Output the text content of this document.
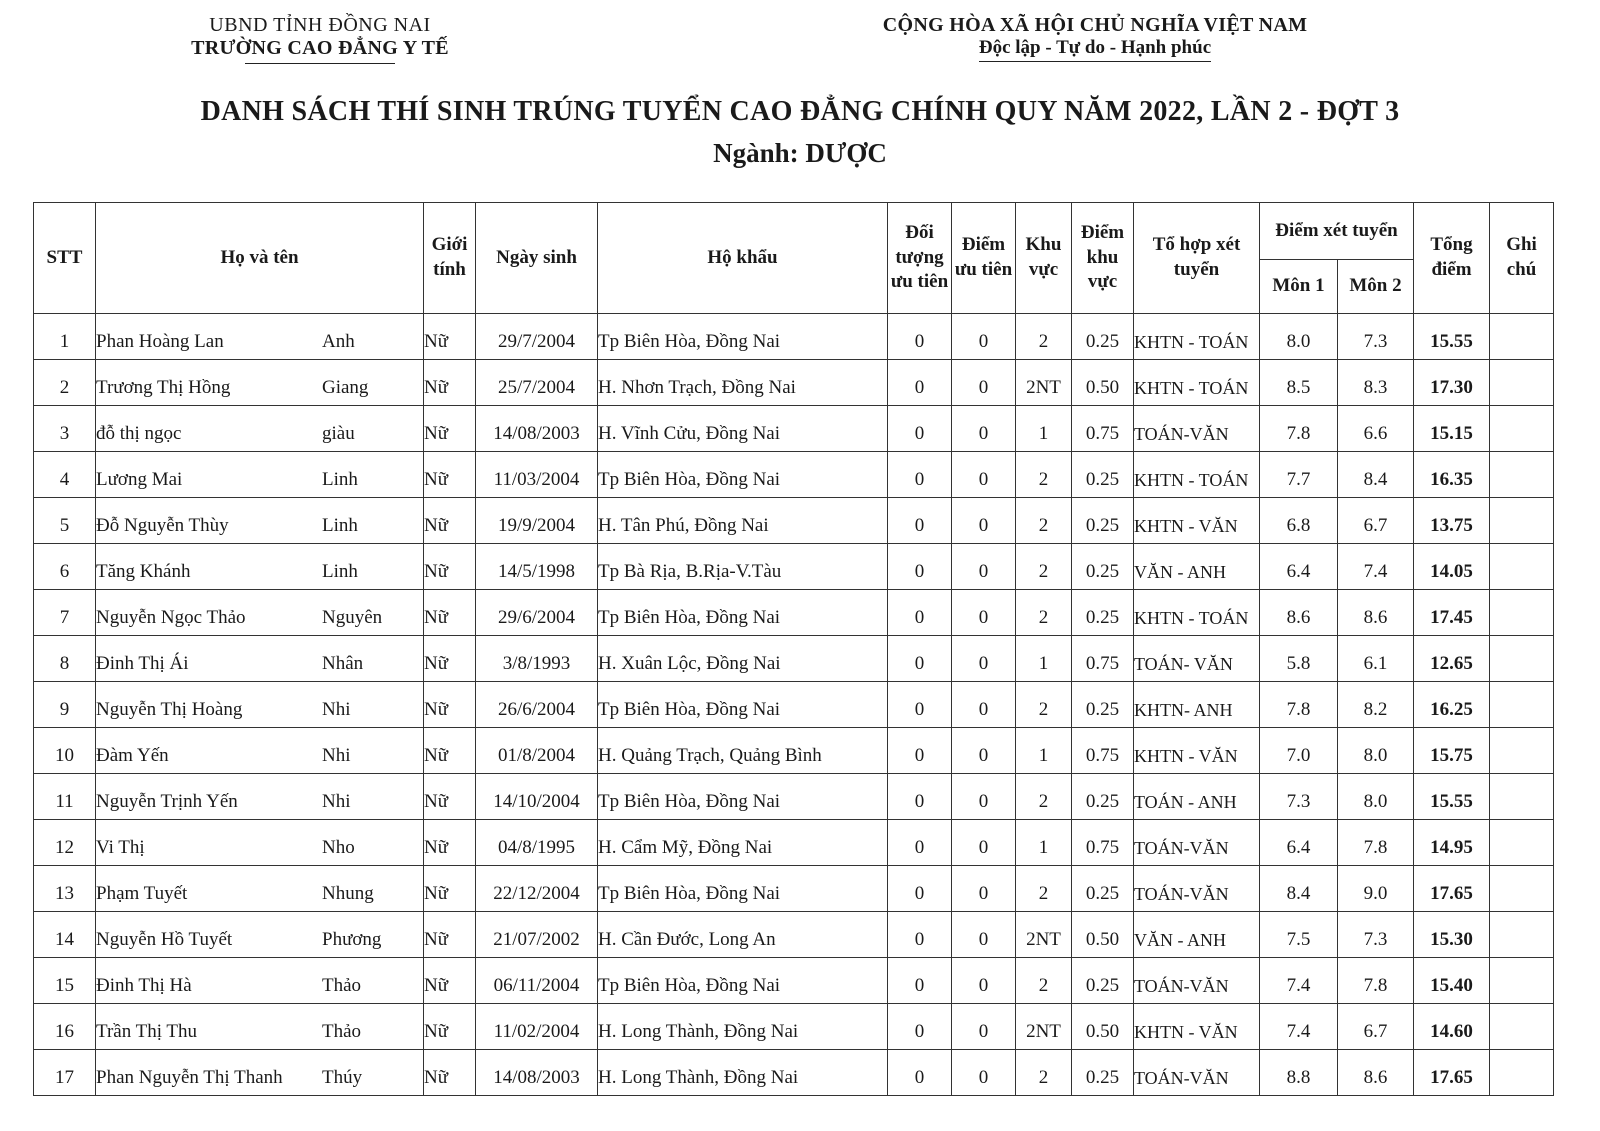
UBND TỈNH ĐỒNG NAI
TRƯỜNG CAO ĐẲNG Y TẾ
CỘNG HÒA XÃ HỘI CHỦ NGHĨA VIỆT NAM
Độc lập - Tự do - Hạnh phúc
DANH SÁCH THÍ SINH TRÚNG TUYỂN CAO ĐẲNG CHÍNH QUY NĂM 2022, LẦN 2 - ĐỢT 3
Ngành: DƯỢC
STT	Họ và tên	Giới tính	Ngày sinh	Hộ khẩu	Đối tượng ưu tiên	Điểm ưu tiên	Khu vực	Điểm khu vực	Tổ hợp xét tuyển	Điểm xét tuyển		Tổng điểm	Ghi chú
										Môn 1	Môn 2		
1	Phan Hoàng Lan Anh	Nữ	29/7/2004	Tp Biên Hòa, Đồng Nai	0	0	2	0.25	KHTN - TOÁN	8.0	7.3	15.55	
2	Trương Thị Hồng Giang	Nữ	25/7/2004	H. Nhơn Trạch, Đồng Nai	0	0	2NT	0.50	KHTN - TOÁN	8.5	8.3	17.30	
3	đỗ thị ngọc giàu	Nữ	14/08/2003	H. Vĩnh Cửu, Đồng Nai	0	0	1	0.75	TOÁN-VĂN	7.8	6.6	15.15	
4	Lương Mai Linh	Nữ	11/03/2004	Tp Biên Hòa, Đồng Nai	0	0	2	0.25	KHTN - TOÁN	7.7	8.4	16.35	
5	Đỗ Nguyễn Thùy Linh	Nữ	19/9/2004	H. Tân Phú, Đồng Nai	0	0	2	0.25	KHTN - VĂN	6.8	6.7	13.75	
6	Tăng Khánh Linh	Nữ	14/5/1998	Tp Bà Rịa, B.Rịa-V.Tàu	0	0	2	0.25	VĂN - ANH	6.4	7.4	14.05	
7	Nguyễn Ngọc Thảo Nguyên	Nữ	29/6/2004	Tp Biên Hòa, Đồng Nai	0	0	2	0.25	KHTN - TOÁN	8.6	8.6	17.45	
8	Đinh Thị Ái Nhân	Nữ	3/8/1993	H. Xuân Lộc, Đồng Nai	0	0	1	0.75	TOÁN- VĂN	5.8	6.1	12.65	
9	Nguyễn Thị Hoàng Nhi	Nữ	26/6/2004	Tp Biên Hòa, Đồng Nai	0	0	2	0.25	KHTN- ANH	7.8	8.2	16.25	
10	Đàm Yến Nhi	Nữ	01/8/2004	H. Quảng Trạch, Quảng Bình	0	0	1	0.75	KHTN - VĂN	7.0	8.0	15.75	
11	Nguyễn Trịnh Yến Nhi	Nữ	14/10/2004	Tp Biên Hòa, Đồng Nai	0	0	2	0.25	TOÁN - ANH	7.3	8.0	15.55	
12	Vi Thị Nho	Nữ	04/8/1995	H. Cẩm Mỹ, Đồng Nai	0	0	1	0.75	TOÁN-VĂN	6.4	7.8	14.95	
13	Phạm Tuyết Nhung	Nữ	22/12/2004	Tp Biên Hòa, Đồng Nai	0	0	2	0.25	TOÁN-VĂN	8.4	9.0	17.65	
14	Nguyễn Hồ Tuyết Phương	Nữ	21/07/2002	H. Cần Đước, Long An	0	0	2NT	0.50	VĂN - ANH	7.5	7.3	15.30	
15	Đinh Thị Hà Thảo	Nữ	06/11/2004	Tp Biên Hòa, Đồng Nai	0	0	2	0.25	TOÁN-VĂN	7.4	7.8	15.40	
16	Trần Thị Thu Thảo	Nữ	11/02/2004	H. Long Thành, Đồng Nai	0	0	2NT	0.50	KHTN - VĂN	7.4	6.7	14.60	
17	Phan Nguyễn Thị Thanh Thúy	Nữ	14/08/2003	H. Long Thành, Đồng Nai	0	0	2	0.25	TOÁN-VĂN	8.8	8.6	17.65	
